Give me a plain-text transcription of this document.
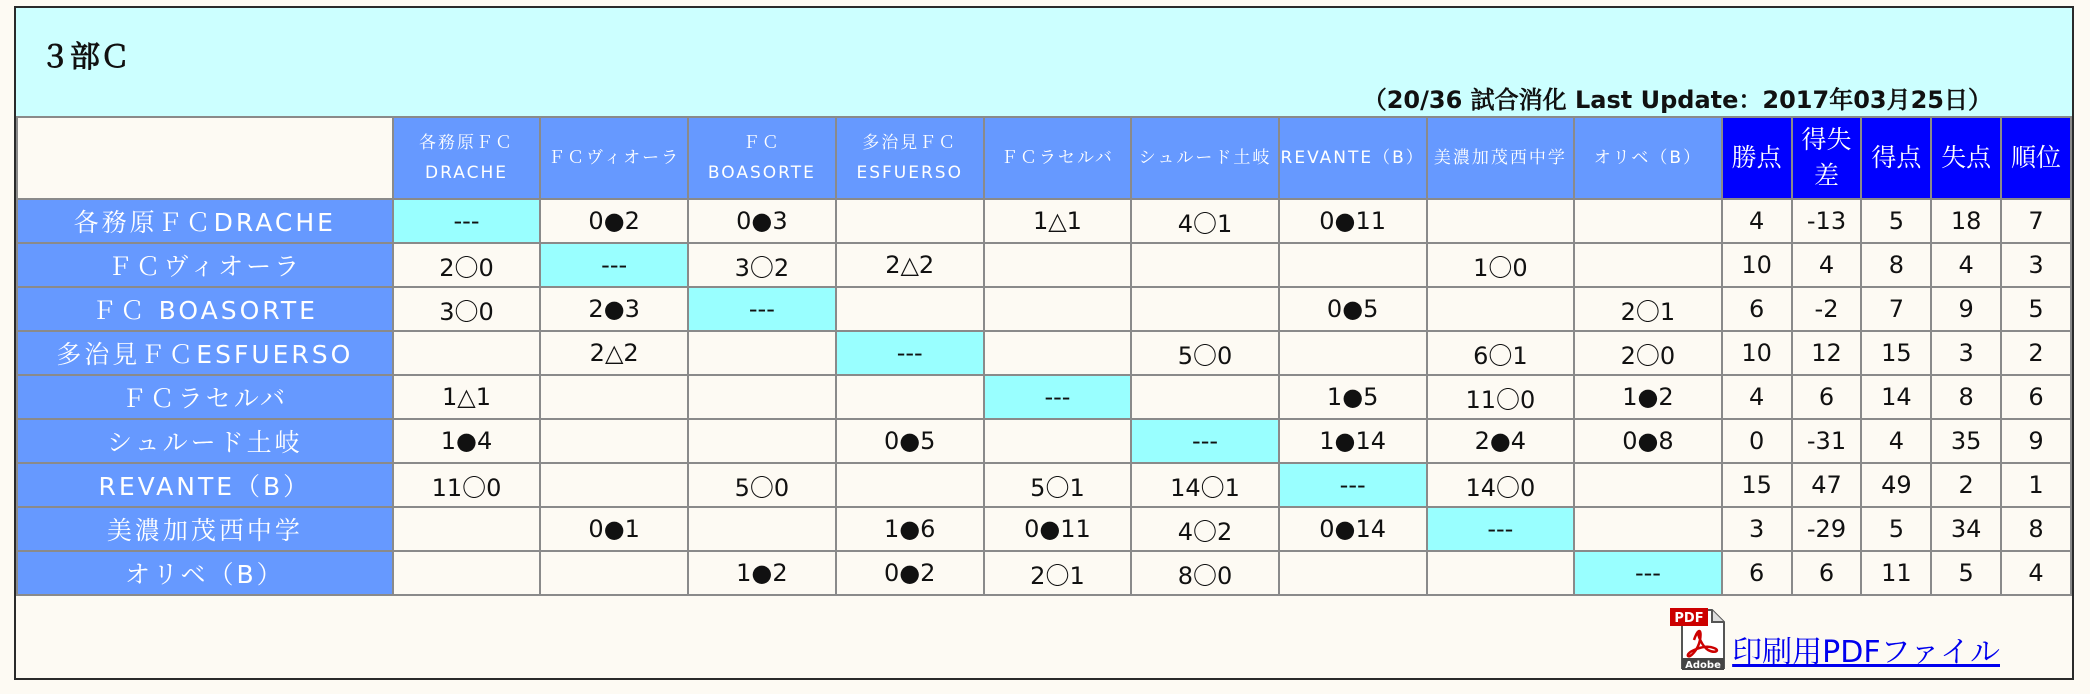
３部Ｃ
（20/36 試合消化 Last Update：2017年03月25日）
	各務原ＦＣDRACHE	ＦＣヴィオーラ	ＦＣ BOASORTE	多治見ＦＣESFUERSO	ＦＣラセルバ	シュルード土岐	REVANTE（B）	美濃加茂西中学	オリベ（B）	勝点	得失差	得点	失点	順位
各務原ＦＣDRACHE	---	0●2	0●3		1△1	4〇1	0●11			4	-13	5	18	7
ＦＣヴィオーラ	2〇0	---	3〇2	2△2				1〇0		10	4	8	4	3
ＦＣ BOASORTE	3〇0	2●3	---				0●5		2〇1	6	-2	7	9	5
多治見ＦＣESFUERSO		2△2		---		5〇0		6〇1	2〇0	10	12	15	3	2
ＦＣラセルバ	1△1				---		1●5	11〇0	1●2	4	6	14	8	6
シュルード土岐	1●4			0●5		---	1●14	2●4	0●8	0	-31	4	35	9
REVANTE（B）	11〇0		5〇0		5〇1	14〇1	---	14〇0		15	47	49	2	1
美濃加茂西中学		0●1		1●6	0●11	4〇2	0●14	---		3	-29	5	34	8
オリベ（B）			1●2	0●2	2〇1	8〇0			---	6	6	11	5	4
PDF
Adobe 印刷用PDFファイル
